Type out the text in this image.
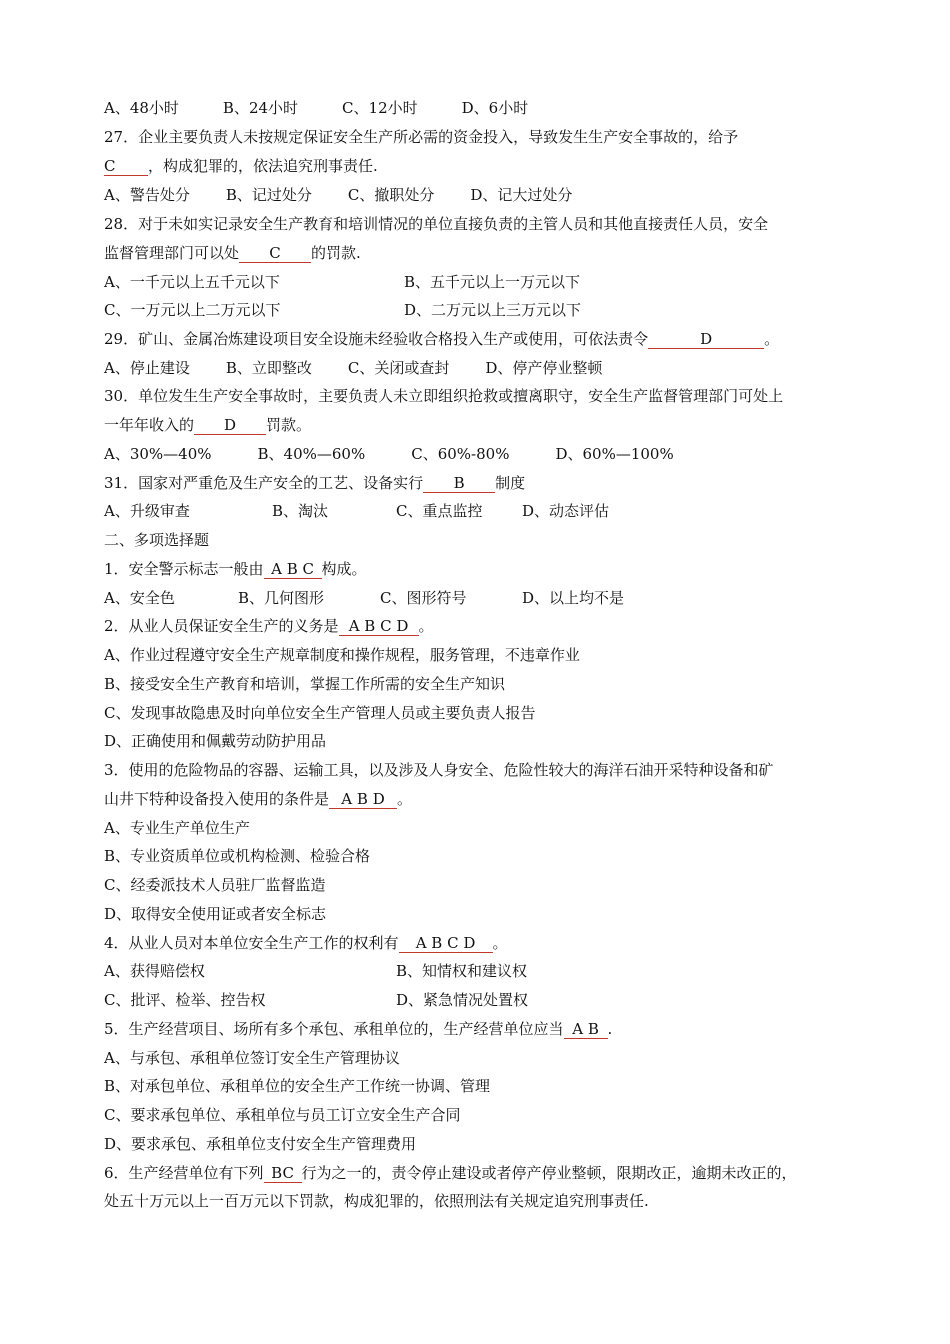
A、48小时	B、24小时	C、12小时	D、6小时
27．企业主要负责人未按规定保证安全生产所必需的资金投入，导致发生生产安全事故的，给予
C ，构成犯罪的，依法追究刑事责任.
A、警告处分 B、记过处分 C、撤职处分 D、记大过处分
28．对于未如实记录安全生产教育和培训情况的单位直接负责的主管人员和其他直接责任人员，安全
监督管理部门可以处 C 的罚款.
A、一千元以上五千元以下	B、五千元以上一万元以下
C、一万元以上二万元以下	D、二万元以上三万元以下
29．矿山、金属冶炼建设项目安全设施未经验收合格投入生产或使用，可依法责令	D	。
A、停止建设 B、立即整改 C、关闭或查封 D、停产停业整顿
30．单位发生生产安全事故时，主要负责人未立即组织抢救或擅离职守，安全生产监督管理部门可处上
一年年收入的 D 罚款。
A、30%—40%	B、40%—60%	C、60%-80%	D、60%—100%
31．国家对严重危及生产安全的工艺、设备实行 B 制度
A、升级审查	B、淘汰	C、重点监控	D、动态评估
二、多项选择题
1．安全警示标志一般由 A B C 构成。
A、安全色	B、几何图形	C、图形符号	D、以上均不是
2．从业人员保证安全生产的义务是 A B C D 。
A、作业过程遵守安全生产规章制度和操作规程，服务管理，不违章作业
B、接受安全生产教育和培训，掌握工作所需的安全生产知识
C、发现事故隐患及时向单位安全生产管理人员或主要负责人报告
D、正确使用和佩戴劳动防护用品
3．使用的危险物品的容器、运输工具，以及涉及人身安全、危险性较大的海洋石油开采特种设备和矿
山井下特种设备投入使用的条件是 A B D 。
A、专业生产单位生产
B、专业资质单位或机构检测、检验合格
C、经委派技术人员驻厂监督监造
D、取得安全使用证或者安全标志
4．从业人员对本单位安全生产工作的权利有 A B C D 。
A、获得赔偿权	B、知情权和建议权
C、批评、检举、控告权	D、紧急情况处置权
5．生产经营项目、场所有多个承包、承租单位的，生产经营单位应当 A B .
A、与承包、承租单位签订安全生产管理协议
B、对承包单位、承租单位的安全生产工作统一协调、管理
C、要求承包单位、承租单位与员工订立安全生产合同
D、要求承包、承租单位支付安全生产管理费用
6．生产经营单位有下列 BC 行为之一的，责令停止建设或者停产停业整顿，限期改正，逾期未改正的，
处五十万元以上一百万元以下罚款，构成犯罪的，依照刑法有关规定追究刑事责任.
